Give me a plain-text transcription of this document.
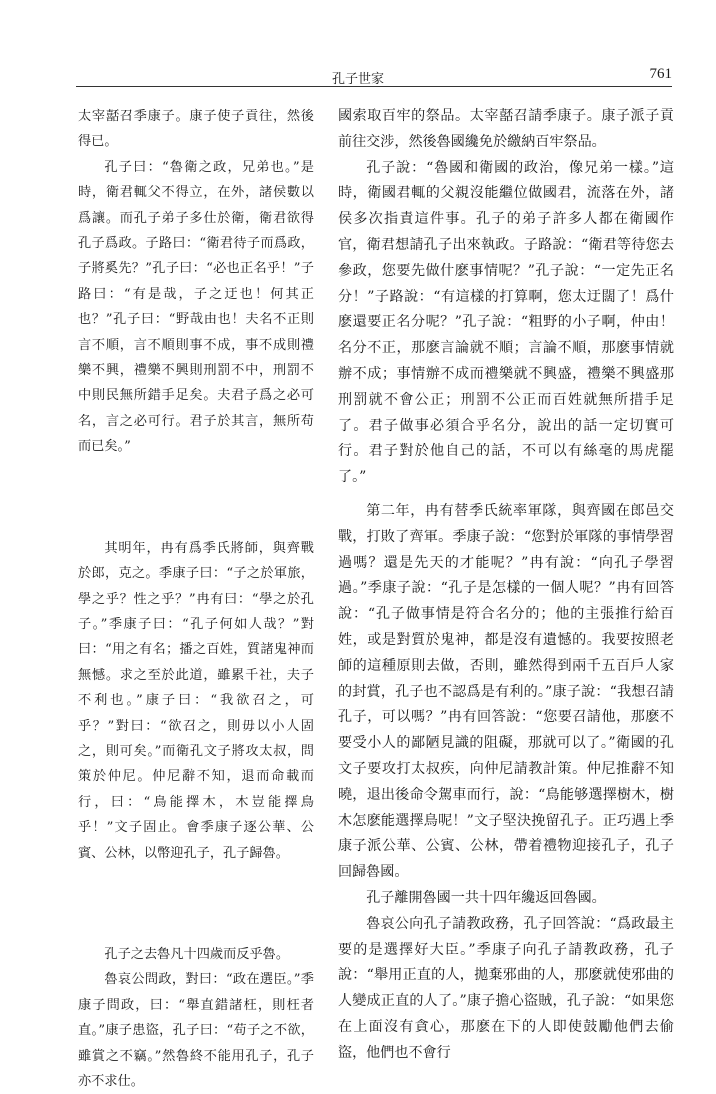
孔子世家	761

太宰嚭召季康子。康子使子貢往，然後得已。

孔子曰：“魯衛之政，兄弟也。”是時，衛君輒父不得立，在外，諸侯數以爲讓。而孔子弟子多仕於衛，衛君欲得孔子爲政。子路曰：“衛君待子而爲政，子將奚先？”孔子曰：“必也正名乎！”子路曰：“有是哉，子之迂也！何其正也？”孔子曰：“野哉由也！夫名不正則言不順，言不順則事不成，事不成則禮樂不興，禮樂不興則刑罰不中，刑罰不中則民無所錯手足矣。夫君子爲之必可名，言之必可行。君子於其言，無所苟而已矣。”

其明年，冉有爲季氏將師，與齊戰於郎，克之。季康子曰：“子之於軍旅，學之乎？性之乎？”冉有曰：“學之於孔子。”季康子曰：“孔子何如人哉？”對曰：“用之有名；播之百姓，質諸鬼神而無憾。求之至於此道，雖累千社，夫子不利也。”康子曰：“我欲召之，可乎？”對曰：“欲召之，則毋以小人固之，則可矣。”而衛孔文子將攻太叔，問策於仲尼。仲尼辭不知，退而命載而行，曰：“鳥能擇木，木豈能擇鳥乎！”文子固止。會季康子逐公華、公賓、公林，以幣迎孔子，孔子歸魯。

孔子之去魯凡十四歲而反乎魯。

魯哀公問政，對曰：“政在選臣。”季康子問政，曰：“舉直錯諸枉，則枉者直。”康子患盜，孔子曰：“苟子之不欲，雖賞之不竊。”然魯終不能用孔子，孔子亦不求仕。

國索取百牢的祭品。太宰嚭召請季康子。康子派子貢前往交涉，然後魯國纔免於繳納百牢祭品。

孔子說：“魯國和衛國的政治，像兄弟一樣。”這時，衛國君輒的父親沒能繼位做國君，流落在外，諸侯多次指責這件事。孔子的弟子許多人都在衛國作官，衛君想請孔子出來執政。子路說：“衛君等待您去參政，您要先做什麽事情呢？”孔子說：“一定先正名分！”子路說：“有這樣的打算啊，您太迂闊了！爲什麽還要正名分呢？”孔子說：“粗野的小子啊，仲由！名分不正，那麽言論就不順；言論不順，那麽事情就辦不成；事情辦不成而禮樂就不興盛，禮樂不興盛那刑罰就不會公正；刑罰不公正而百姓就無所措手足了。君子做事必須合乎名分，說出的話一定切實可行。君子對於他自己的話，不可以有絲毫的馬虎罷了。”

第二年，冉有替季氏統率軍隊，與齊國在郎邑交戰，打敗了齊軍。季康子說：“您對於軍隊的事情學習過嗎？還是先天的才能呢？”冉有說：“向孔子學習過。”季康子說：“孔子是怎樣的一個人呢？”冉有回答說：“孔子做事情是符合名分的；他的主張推行給百姓，或是對質於鬼神，都是沒有遺憾的。我要按照老師的這種原則去做，否則，雖然得到兩千五百戶人家的封賞，孔子也不認爲是有利的。”康子說：“我想召請孔子，可以嗎？”冉有回答說：“您要召請他，那麽不要受小人的鄙陋見識的阻礙，那就可以了。”衛國的孔文子要攻打太叔疾，向仲尼請教計策。仲尼推辭不知曉，退出後命令駕車而行，說：“鳥能够選擇樹木，樹木怎麽能選擇鳥呢！”文子堅決挽留孔子。正巧遇上季康子派公華、公賓、公林，帶着禮物迎接孔子，孔子回歸魯國。

孔子離開魯國一共十四年纔返回魯國。

魯哀公向孔子請教政務，孔子回答說：“爲政最主要的是選擇好大臣。”季康子向孔子請教政務，孔子說：“舉用正直的人，拋棄邪曲的人，那麽就使邪曲的人變成正直的人了。”康子擔心盜賊，孔子說：“如果您在上面沒有貪心，那麽在下的人即使鼓勵他們去偷盜，他們也不會行
